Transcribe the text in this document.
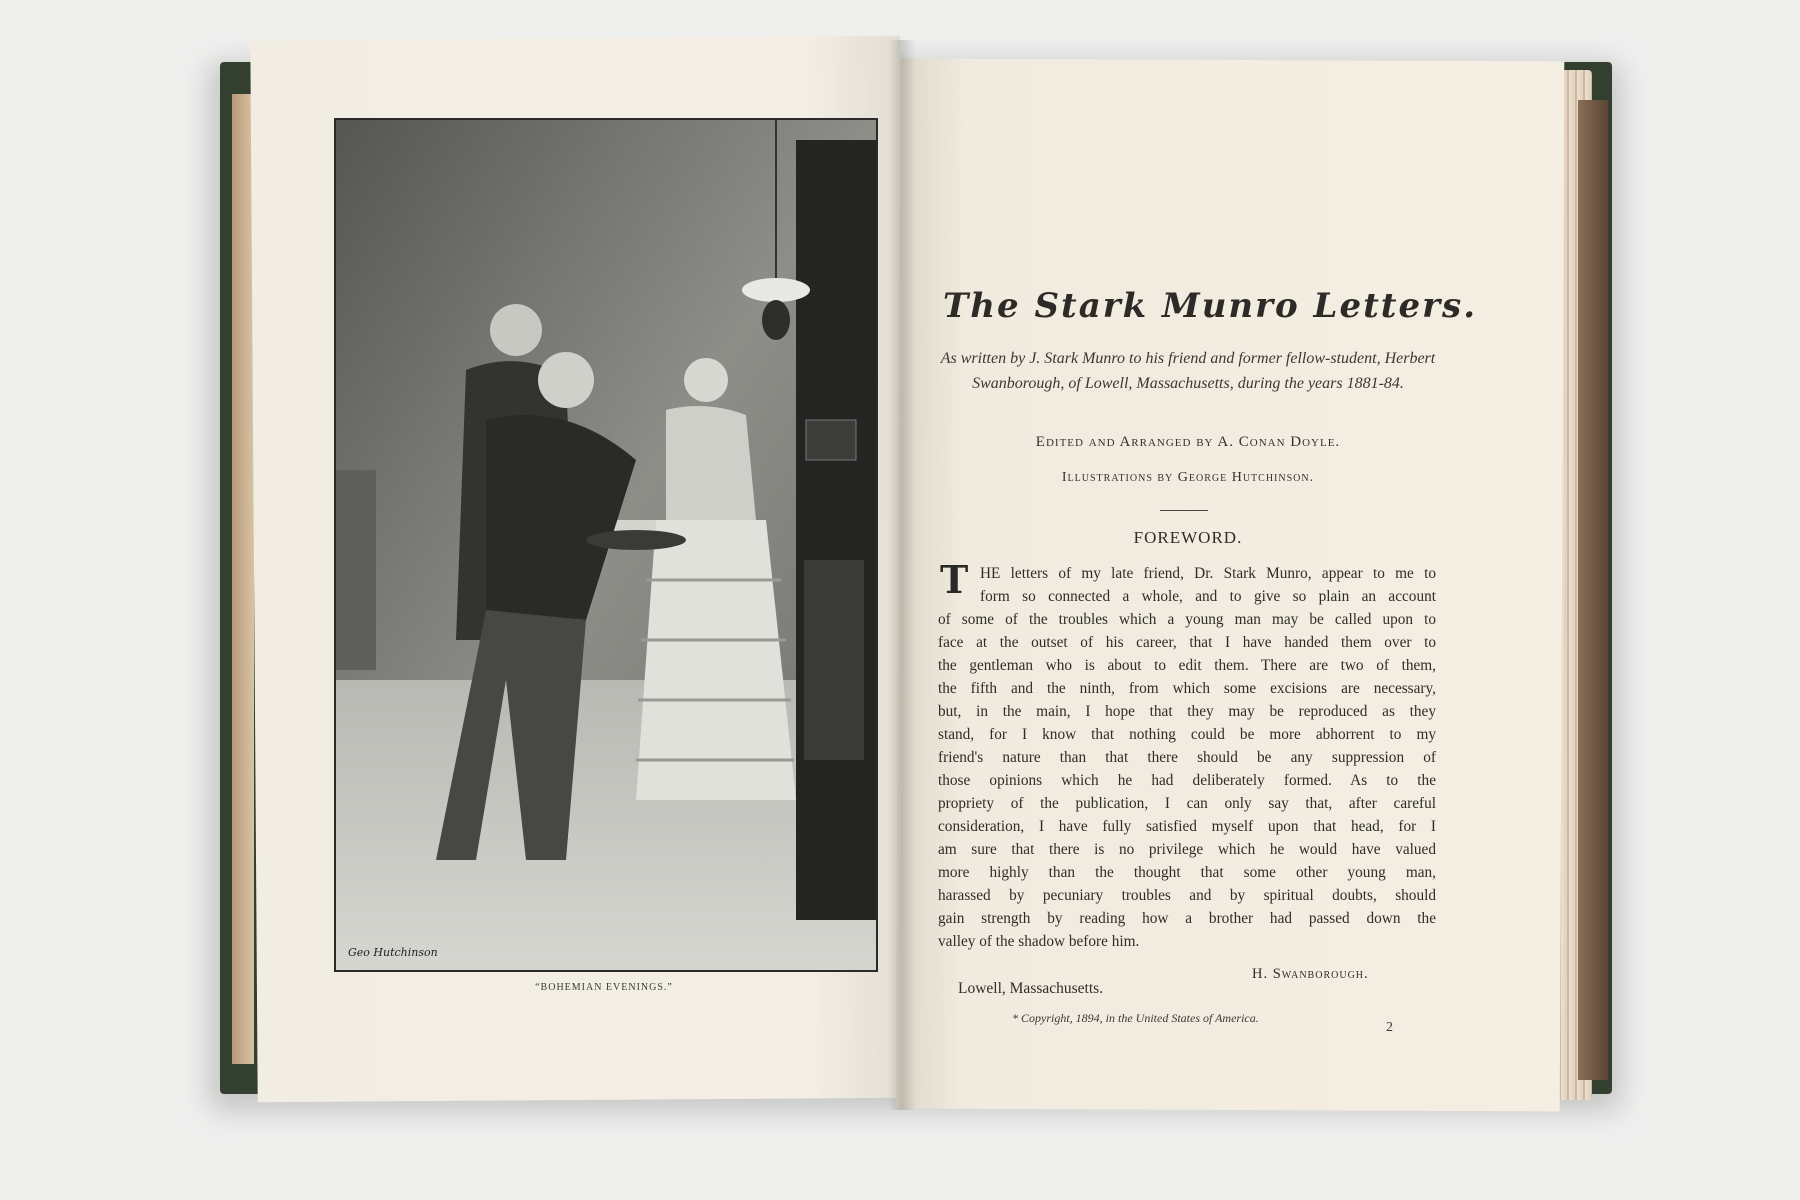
Geo Hutchinson
“BOHEMIAN EVENINGS.”
The Stark Munro Letters.
As written by J. Stark Munro to his friend and former fellow-student, Herbert Swanborough, of Lowell, Massachusetts, during the years 1881-84.
Edited and Arranged by A. Conan Doyle.
Illustrations by George Hutchinson.
FOREWORD.
T HE letters of my late friend, Dr. Stark Munro, appear to me to
form so connected a whole, and to give so plain an account
of some of the troubles which a young man may be called upon to
face at the outset of his career, that I have handed them over to
the gentleman who is about to edit them. There are two of them,
the fifth and the ninth, from which some excisions are necessary,
but, in the main, I hope that they may be reproduced as they
stand, for I know that nothing could be more abhorrent to my
friend's nature than that there should be any suppression of
those opinions which he had deliberately formed. As to the
propriety of the publication, I can only say that, after careful
consideration, I have fully satisfied myself upon that head, for I
am sure that there is no privilege which he would have valued
more highly than the thought that some other young man,
harassed by pecuniary troubles and by spiritual doubts, should
gain strength by reading how a brother had passed down the
valley of the shadow before him.
H. Swanborough.
Lowell, Massachusetts.
* Copyright, 1894, in the United States of America.
2
